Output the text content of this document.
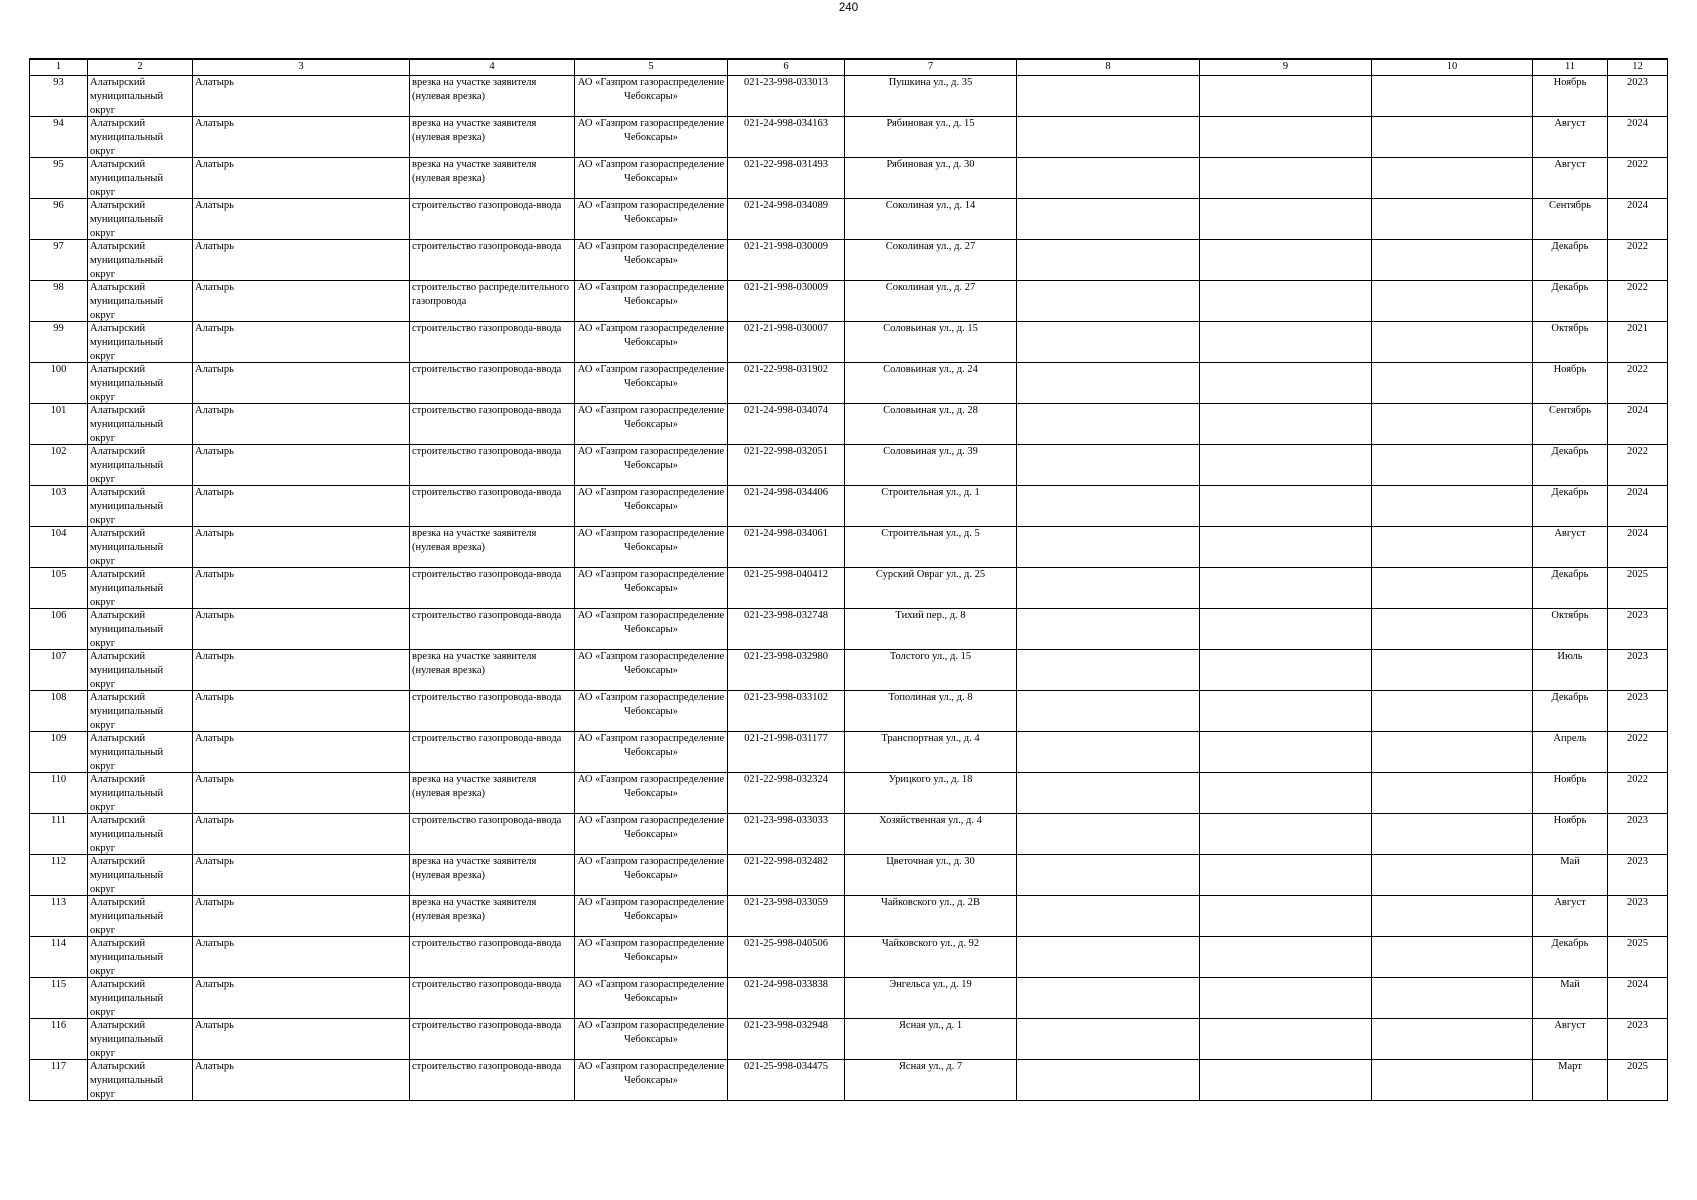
240
1	2	3	4	5	6	7	8	9	10	11	12

93	Алатырский муниципальный округ	Алатырь	врезка на участке заявителя (нулевая врезка)	АО «Газпром газораспределение Чебоксары»	021-23-998-033013	Пушкина ул., д. 35				Ноябрь	2023

94	Алатырский муниципальный округ	Алатырь	врезка на участке заявителя (нулевая врезка)	АО «Газпром газораспределение Чебоксары»	021-24-998-034163	Рябиновая ул., д. 15				Август	2024

95	Алатырский муниципальный округ	Алатырь	врезка на участке заявителя (нулевая врезка)	АО «Газпром газораспределение Чебоксары»	021-22-998-031493	Рябиновая ул., д. 30				Август	2022

96	Алатырский муниципальный округ	Алатырь	строительство газопровода-ввода	АО «Газпром газораспределение Чебоксары»	021-24-998-034089	Соколиная ул., д. 14				Сентябрь	2024

97	Алатырский муниципальный округ	Алатырь	строительство газопровода-ввода	АО «Газпром газораспределение Чебоксары»	021-21-998-030009	Соколиная ул., д. 27				Декабрь	2022

98	Алатырский муниципальный округ	Алатырь	строительство распределительного газопровода	АО «Газпром газораспределение Чебоксары»	021-21-998-030009	Соколиная ул., д. 27				Декабрь	2022

99	Алатырский муниципальный округ	Алатырь	строительство газопровода-ввода	АО «Газпром газораспределение Чебоксары»	021-21-998-030007	Соловьиная ул., д. 15				Октябрь	2021

100	Алатырский муниципальный округ	Алатырь	строительство газопровода-ввода	АО «Газпром газораспределение Чебоксары»	021-22-998-031902	Соловьиная ул., д. 24				Ноябрь	2022

101	Алатырский муниципальный округ	Алатырь	строительство газопровода-ввода	АО «Газпром газораспределение Чебоксары»	021-24-998-034074	Соловьиная ул., д. 28				Сентябрь	2024

102	Алатырский муниципальный округ	Алатырь	строительство газопровода-ввода	АО «Газпром газораспределение Чебоксары»	021-22-998-032051	Соловьиная ул., д. 39				Декабрь	2022

103	Алатырский муниципальный округ	Алатырь	строительство газопровода-ввода	АО «Газпром газораспределение Чебоксары»	021-24-998-034406	Строительная ул., д. 1				Декабрь	2024

104	Алатырский муниципальный округ	Алатырь	врезка на участке заявителя (нулевая врезка)	АО «Газпром газораспределение Чебоксары»	021-24-998-034061	Строительная ул., д. 5				Август	2024

105	Алатырский муниципальный округ	Алатырь	строительство газопровода-ввода	АО «Газпром газораспределение Чебоксары»	021-25-998-040412	Сурский Овраг ул., д. 25				Декабрь	2025

106	Алатырский муниципальный округ	Алатырь	строительство газопровода-ввода	АО «Газпром газораспределение Чебоксары»	021-23-998-032748	Тихий пер., д. 8				Октябрь	2023

107	Алатырский муниципальный округ	Алатырь	врезка на участке заявителя (нулевая врезка)	АО «Газпром газораспределение Чебоксары»	021-23-998-032980	Толстого ул., д. 15				Июль	2023

108	Алатырский муниципальный округ	Алатырь	строительство газопровода-ввода	АО «Газпром газораспределение Чебоксары»	021-23-998-033102	Тополиная ул., д. 8				Декабрь	2023

109	Алатырский муниципальный округ	Алатырь	строительство газопровода-ввода	АО «Газпром газораспределение Чебоксары»	021-21-998-031177	Транспортная ул., д. 4				Апрель	2022

110	Алатырский муниципальный округ	Алатырь	врезка на участке заявителя (нулевая врезка)	АО «Газпром газораспределение Чебоксары»	021-22-998-032324	Урицкого ул., д. 18				Ноябрь	2022

111	Алатырский муниципальный округ	Алатырь	строительство газопровода-ввода	АО «Газпром газораспределение Чебоксары»	021-23-998-033033	Хозяйственная ул., д. 4				Ноябрь	2023

112	Алатырский муниципальный округ	Алатырь	врезка на участке заявителя (нулевая врезка)	АО «Газпром газораспределение Чебоксары»	021-22-998-032482	Цветочная ул., д. 30				Май	2023

113	Алатырский муниципальный округ	Алатырь	врезка на участке заявителя (нулевая врезка)	АО «Газпром газораспределение Чебоксары»	021-23-998-033059	Чайковского ул., д. 2В				Август	2023

114	Алатырский муниципальный округ	Алатырь	строительство газопровода-ввода	АО «Газпром газораспределение Чебоксары»	021-25-998-040506	Чайковского ул., д. 92				Декабрь	2025

115	Алатырский муниципальный округ	Алатырь	строительство газопровода-ввода	АО «Газпром газораспределение Чебоксары»	021-24-998-033838	Энгельса ул., д. 19				Май	2024

116	Алатырский муниципальный округ	Алатырь	строительство газопровода-ввода	АО «Газпром газораспределение Чебоксары»	021-23-998-032948	Ясная ул., д. 1				Август	2023

117	Алатырский муниципальный округ	Алатырь	строительство газопровода-ввода	АО «Газпром газораспределение Чебоксары»	021-25-998-034475	Ясная ул., д. 7				Март	2025
